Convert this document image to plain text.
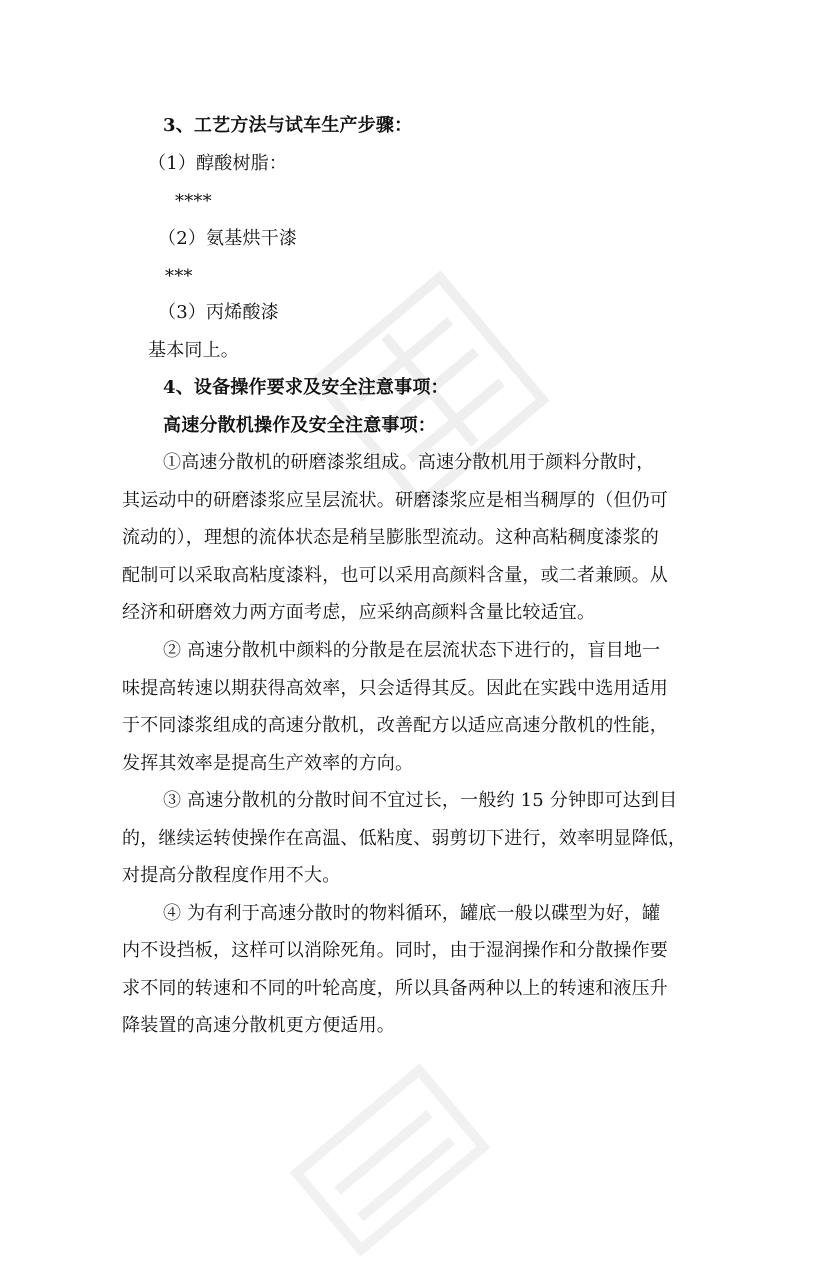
3、工艺方法与试车生产步骤：
（1）醇酸树脂：
****
（2）氨基烘干漆
***
（3）丙烯酸漆
基本同上。
4、设备操作要求及安全注意事项：
高速分散机操作及安全注意事项：
①高速分散机的研磨漆浆组成。高速分散机用于颜料分散时，
其运动中的研磨漆浆应呈层流状。研磨漆浆应是相当稠厚的（但仍可
流动的），理想的流体状态是稍呈膨胀型流动。这种高粘稠度漆浆的
配制可以采取高粘度漆料，也可以采用高颜料含量，或二者兼顾。从
经济和研磨效力两方面考虑，应采纳高颜料含量比较适宜。
② 高速分散机中颜料的分散是在层流状态下进行的，盲目地一
味提高转速以期获得高效率，只会适得其反。因此在实践中选用适用
于不同漆浆组成的高速分散机，改善配方以适应高速分散机的性能，
发挥其效率是提高生产效率的方向。
③ 高速分散机的分散时间不宜过长，一般约 15 分钟即可达到目
的，继续运转使操作在高温、低粘度、弱剪切下进行，效率明显降低，
对提高分散程度作用不大。
④ 为有利于高速分散时的物料循环，罐底一般以碟型为好，罐
内不设挡板，这样可以消除死角。同时，由于湿润操作和分散操作要
求不同的转速和不同的叶轮高度，所以具备两种以上的转速和液压升
降装置的高速分散机更方便适用。
